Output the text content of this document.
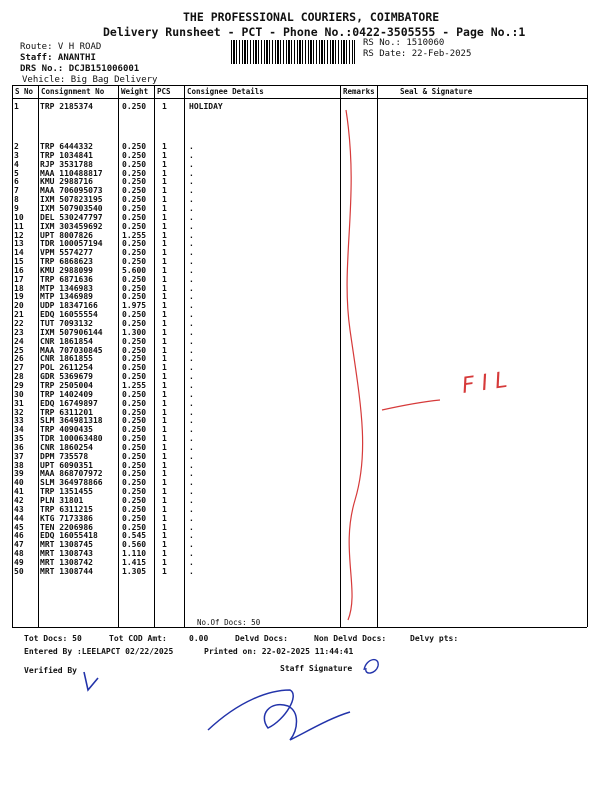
THE PROFESSIONAL COURIERS, COIMBATORE
Delivery Runsheet - PCT - Phone No.:0422-3505555 - Page No.:1
Route: V H ROAD
Staff: ANANTHI
DRS No.: DCJB151006001
Vehicle: Big Bag Delivery
RS No.: 1510060
RS Date: 22-Feb-2025
S No Consignment No Weight PCS Consignee Details	Remarks	Seal & Signature
1	TRP 2185374	0.250 1	HOLIDAY
2	TRP 6444332	0.250 1	.
3	TRP 1034841	0.250 1	.
4	RJP 3531788	0.250 1	.
5	MAA 110488817 0.250 1	.
6	KMU 2988716	0.250 1	.
7	MAA 706095073 0.250 1	.
8	IXM 507823195 0.250 1	.
9	IXM 507903540 0.250 1	.
10 DEL 530247797 0.250 1	.
11 IXM 303459692 0.250 1	.
12 UPT 8007826	1.255 1	.
13 TDR 100057194 0.250 1	.
14 VPM 5574277	0.250 1	.
15 TRP 6868623	0.250 1	.
16 KMU 2988099	5.600 1	.
17 TRP 6871636	0.250 1	.
18 MTP 1346983	0.250 1	.
19 MTP 1346989	0.250 1	.
20 UDP 18347166	1.975 1	.
21 EDQ 16055554	0.250 1	.
22 TUT 7093132	0.250 1	.
23 IXM 507906144 1.300 1	.
24 CNR 1861854	0.250 1	.
25 MAA 707030845 0.250 1	.
26 CNR 1861855	0.250 1	.
27 POL 2611254	0.250 1	.
28 GDR 5369679	0.250 1	.
29 TRP 2505004	1.255 1	.
30 TRP 1402409	0.250 1	.
31 EDQ 16749897	0.250 1	.
32 TRP 6311201	0.250 1	.
33 SLM 364981318 0.250 1	.
34 TRP 4090435	0.250 1	.
35 TDR 100063480 0.250 1	.
36 CNR 1860254	0.250 1	.
37 DPM 735578	0.250 1	.
38 UPT 6090351	0.250 1	.
39 MAA 868707972 0.250 1	.
40 SLM 364978866 0.250 1	.
41 TRP 1351455	0.250 1	.
42 PLN 31801	0.250 1	.
43 TRP 6311215	0.250 1	.
44 KTG 7173386	0.250 1	.
45 TEN 2206986	0.250 1	.
46 EDQ 16055418	0.545 1	.
47 MRT 1308745	0.560 1	.
48 MRT 1308743	1.110 1	.
49 MRT 1308742	1.415 1	.
50 MRT 1308744	1.305 1	.
No.Of Docs: 50
Tot Docs: 50	Tot COD Amt:	0.00	Delvd Docs:	Non Delvd Docs:	Delvy pts:
Entered By :LEELAPCT 02/22/2025	Printed on: 22-02-2025 11:44:41
Verified By	Staff Signature
F I L
